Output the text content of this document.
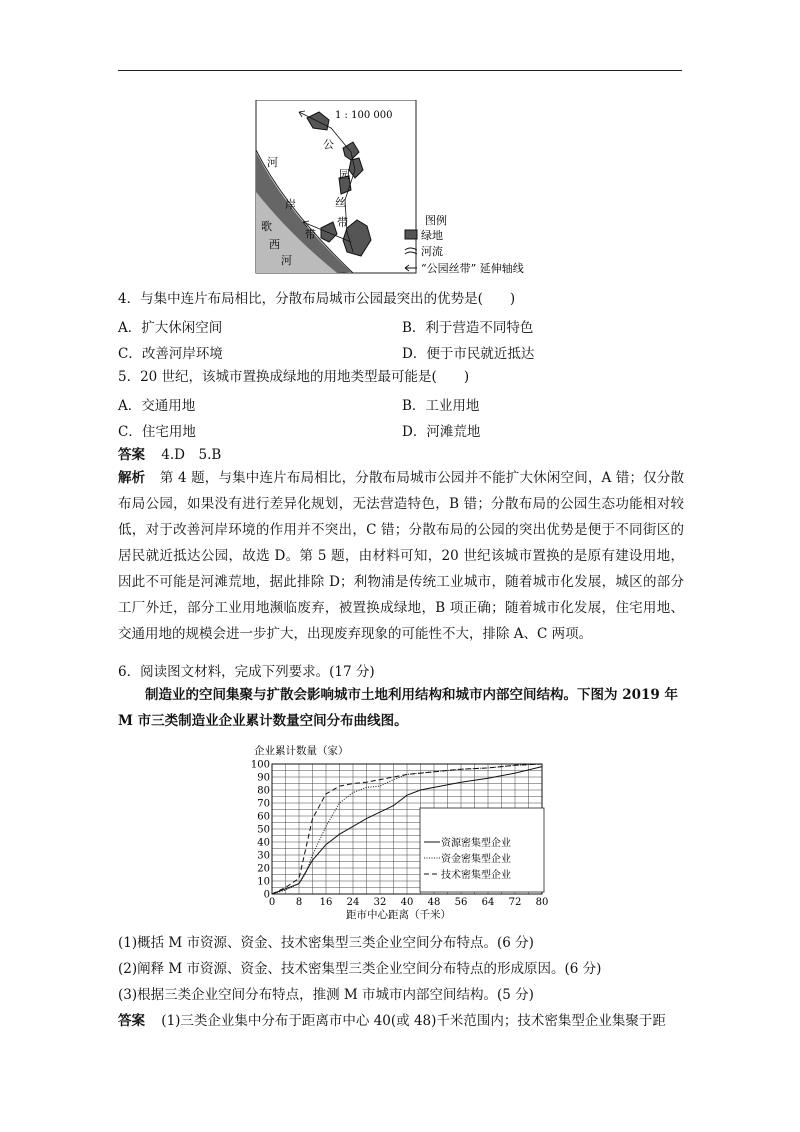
1 : 100 000
公
园
丝
带
带
河
岸
歌
西
河
图例
绿地
河流
“公园丝带” 延伸轴线
4．与集中连片布局相比，分散布局城市公园最突出的优势是(　　)
A．扩大休闲空间	B．利于营造不同特色
C．改善河岸环境	D．便于市民就近抵达
5．20 世纪，该城市置换成绿地的用地类型最可能是(　　)
A．交通用地	B．工业用地
C．住宅用地	D．河滩荒地
答案 4.D　5.B
解析 第 4 题，与集中连片布局相比，分散布局城市公园并不能扩大休闲空间，A 错；仅分散布局公园，如果没有进行差异化规划，无法营造特色，B 错；分散布局的公园生态功能相对较低，对于改善河岸环境的作用并不突出，C 错；分散布局的公园的突出优势是便于不同街区的居民就近抵达公园，故选 D。第 5 题，由材料可知，20 世纪该城市置换的是原有建设用地，因此不可能是河滩荒地，据此排除 D；利物浦是传统工业城市，随着城市化发展，城区的部分工厂外迁，部分工业用地濒临废弃，被置换成绿地，B 项正确；随着城市化发展，住宅用地、交通用地的规模会进一步扩大，出现废弃现象的可能性不大，排除 A、C 两项。
6．阅读图文材料，完成下列要求。(17 分)
制造业的空间集聚与扩散会影响城市土地利用结构和城市内部空间结构。下图为 2019 年 M 市三类制造业企业累计数量空间分布曲线图。
企业累计数量（家）
距市中心距离（千米）
0 8 16 24 32 40 48 56 64 72 80
0
10
20
30
40
50
60
70
80
90
100
资源密集型企业
资金密集型企业
技术密集型企业
(1)概括 M 市资源、资金、技术密集型三类企业空间分布特点。(6 分)
(2)阐释 M 市资源、资金、技术密集型三类企业空间分布特点的形成原因。(6 分)
(3)根据三类企业空间分布特点，推测 M 市城市内部空间结构。(5 分)
答案 (1)三类企业集中分布于距离市中心 40(或 48)千米范围内；技术密集型企业集聚于距
